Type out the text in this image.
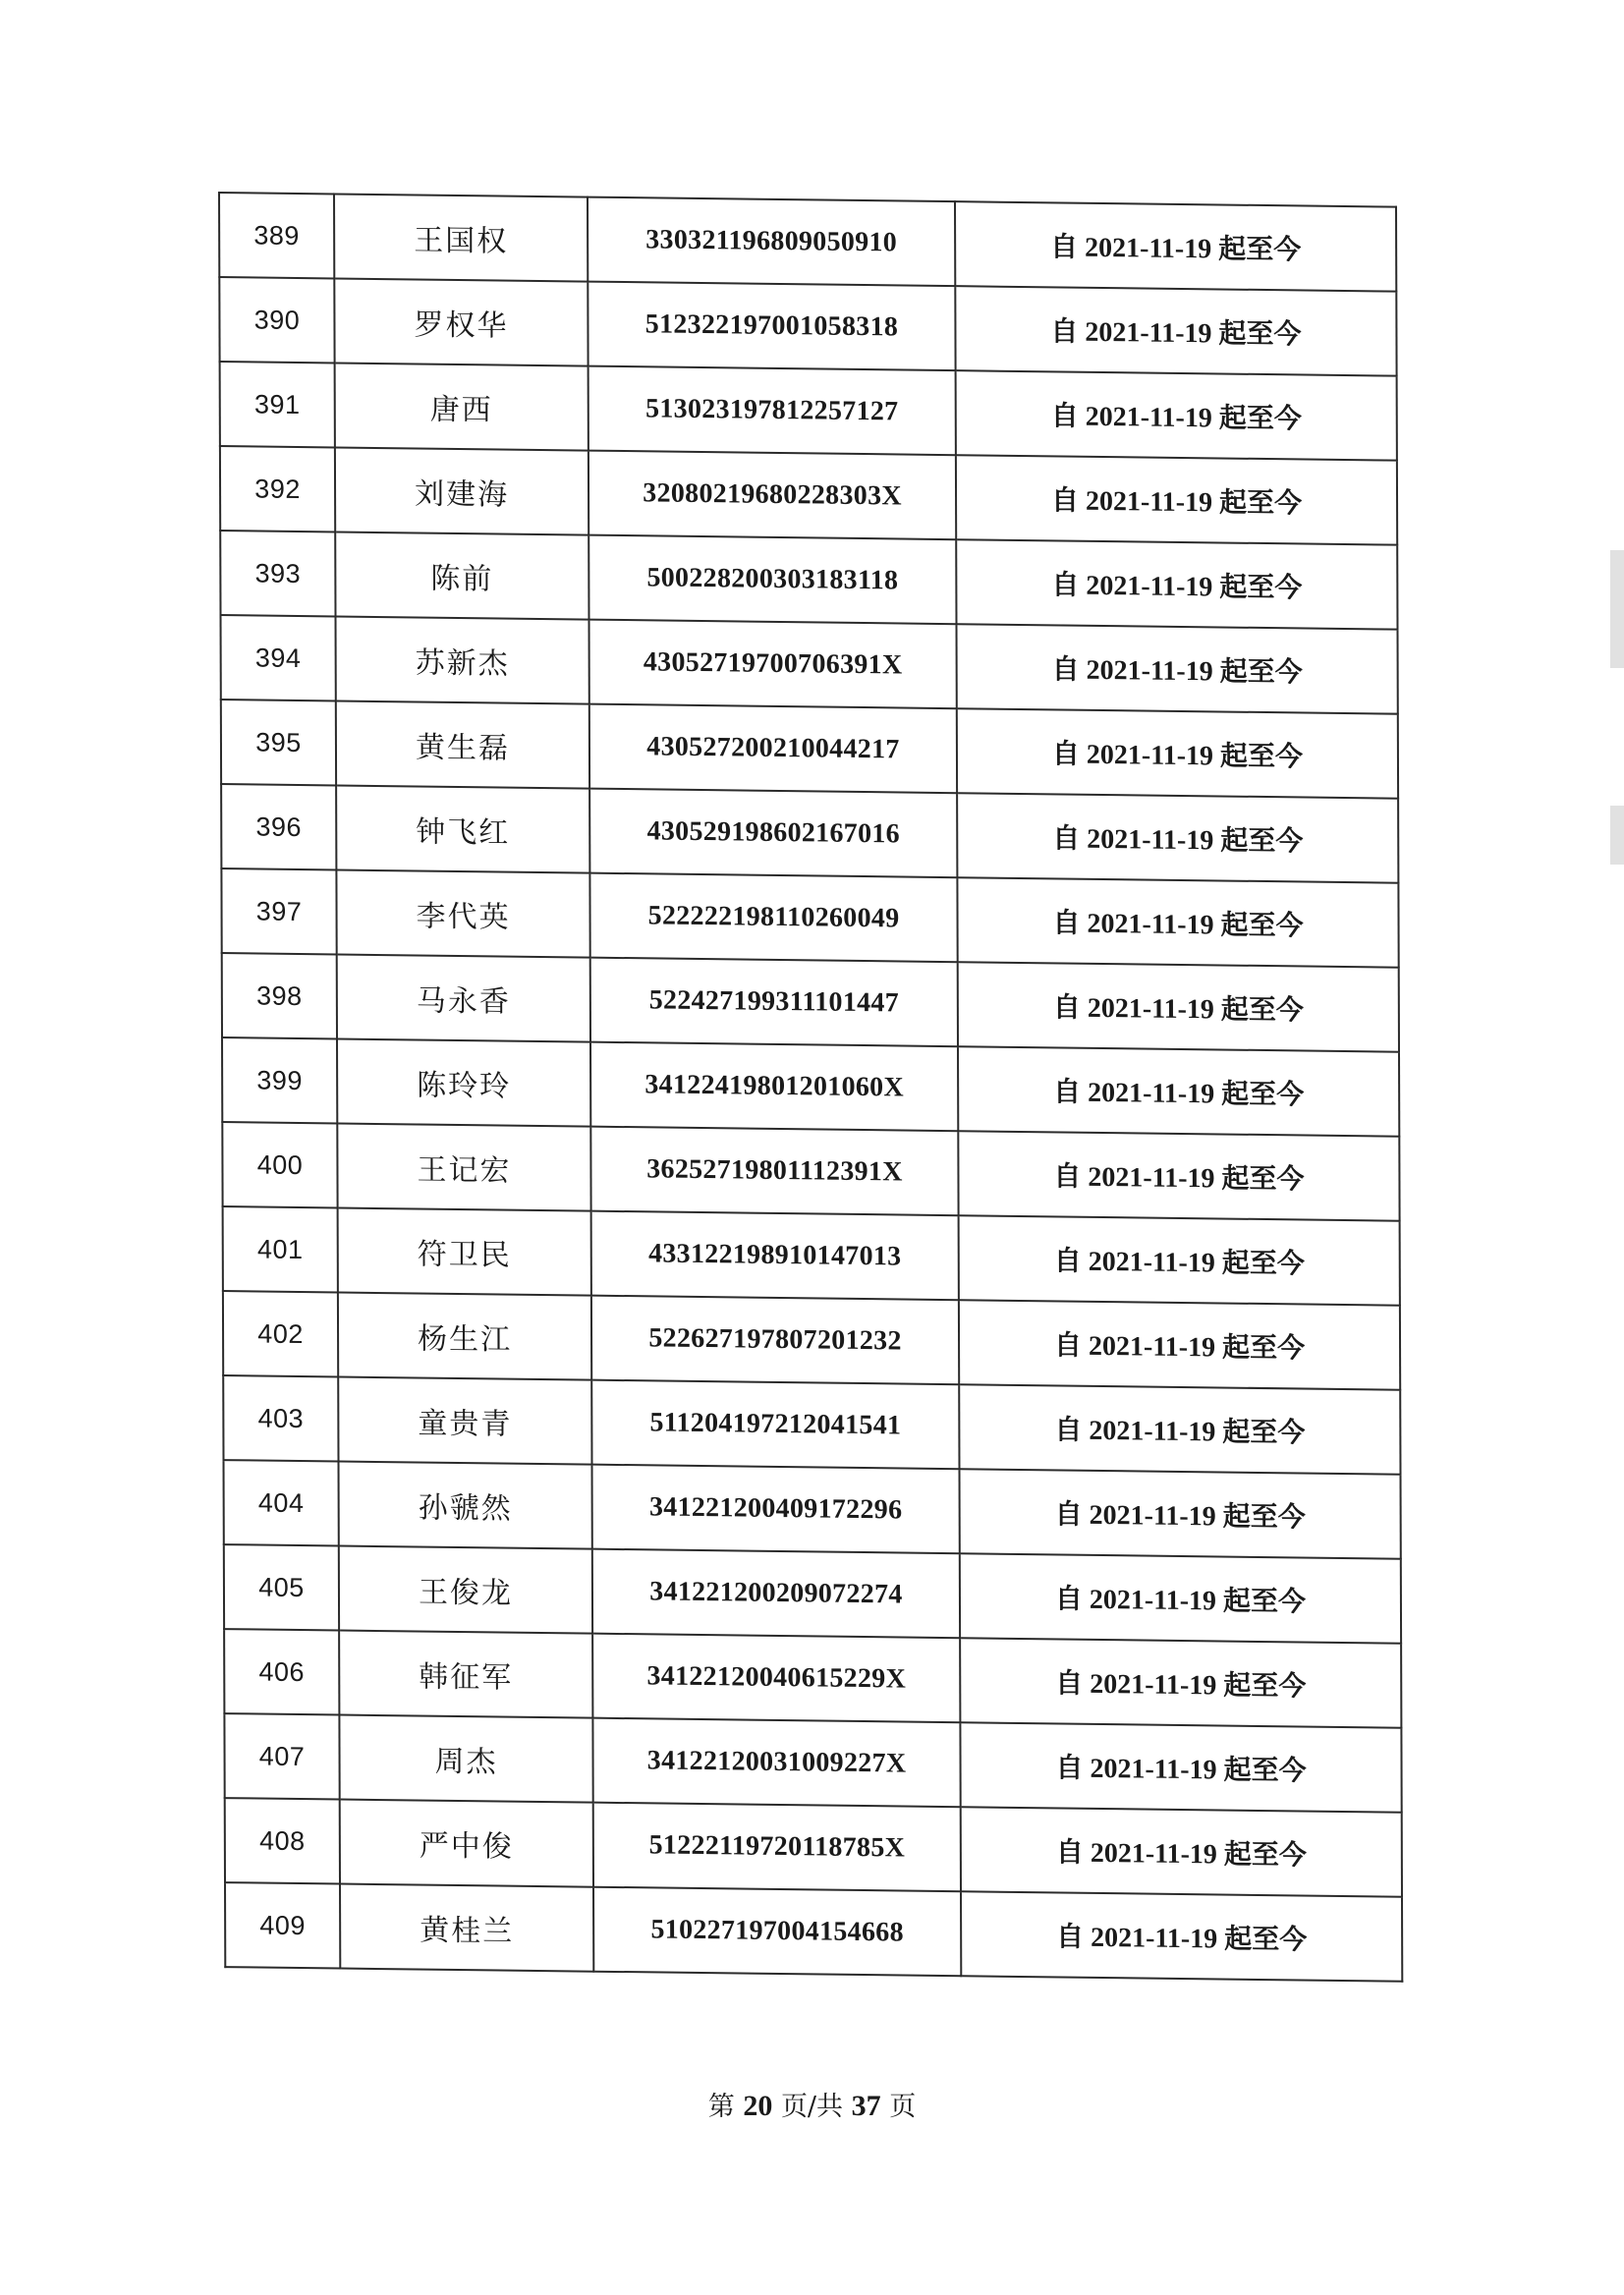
389	王国权	330321196809050910	自 2021-11-19 起至今
390	罗权华	512322197001058318	自 2021-11-19 起至今
391	唐西	513023197812257127	自 2021-11-19 起至今
392	刘建海	32080219680228303X	自 2021-11-19 起至今
393	陈前	500228200303183118	自 2021-11-19 起至今
394	苏新杰	43052719700706391X	自 2021-11-19 起至今
395	黄生磊	430527200210044217	自 2021-11-19 起至今
396	钟飞红	430529198602167016	自 2021-11-19 起至今
397	李代英	522222198110260049	自 2021-11-19 起至今
398	马永香	522427199311101447	自 2021-11-19 起至今
399	陈玲玲	34122419801201060X	自 2021-11-19 起至今
400	王记宏	36252719801112391X	自 2021-11-19 起至今
401	符卫民	433122198910147013	自 2021-11-19 起至今
402	杨生江	522627197807201232	自 2021-11-19 起至今
403	童贵青	511204197212041541	自 2021-11-19 起至今
404	孙虢然	341221200409172296	自 2021-11-19 起至今
405	王俊龙	341221200209072274	自 2021-11-19 起至今
406	韩征军	34122120040615229X	自 2021-11-19 起至今
407	周杰	34122120031009227X	自 2021-11-19 起至今
408	严中俊	51222119720118785X	自 2021-11-19 起至今
409	黄桂兰	510227197004154668	自 2021-11-19 起至今
第 20 页/共 37 页
